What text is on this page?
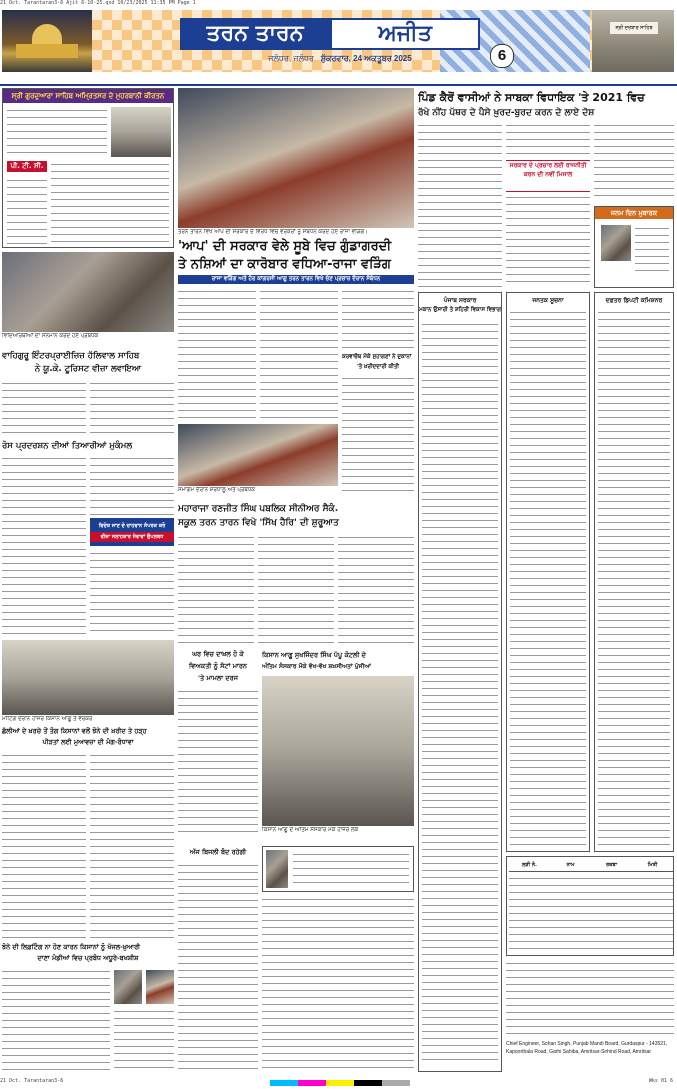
21 Oct. Tarantaran3-6 Ajit 6-10-25.qxd 10/23/2025 11:35 PM Page 1
ਤਰਨ ਤਾਰਨ	ਅਜੀਤ
6
ਜਲੰਧਰ, ਜਲੰਧਰ ਸ਼ੁੱਕਰਵਾਰ, 24 ਅਕਤੂਬਰ 2025
ਸ੍ਰੀ ਦਰਬਾਰ ਸਾਹਿਬ
ਸ੍ਰੀ ਗੁਰਦੁਆਰਾ ਸਾਹਿਬ ਅਮ੍ਰਿਤਸਰ ਦੇ ਮੁਹਰਬਾਨੀ ਕੀਰਤਨ
ਪੀ. ਟੀ. ਸੀ.
ਤਰਨ ਤਾਰਨ ਵਿਖੇ ਆਪ ਦੀ ਸਰਕਾਰ ਦੇ ਵਿਰੋਧ ਵਿਚ ਵਰਕਰਾਂ ਨੂੰ ਸੰਬੋਧਨ ਕਰਦੇ ਹੋਏ ਰਾਜਾ ਵੜਿੰਗ।
'ਆਪ' ਦੀ ਸਰਕਾਰ ਵੇਲੇ ਸੂਬੇ ਵਿਚ ਗੁੰਡਾਗਰਦੀ
ਤੇ ਨਸ਼ਿਆਂ ਦਾ ਕਾਰੋਬਾਰ ਵਧਿਆ-ਰਾਜਾ ਵੜਿੰਗ
ਰਾਜਾ ਵੜਿੰਗ ਅਤੇ ਹੋਰ ਕਾਂਗਰਸੀ ਆਗੂ ਤਰਨ ਤਾਰਨ ਵਿਖੇ ਚੋਣ ਪ੍ਰਚਾਰ ਦੌਰਾਨ ਸੰਬੋਧਨ
ਪਿੰਡ ਕੈਰੋਂ ਵਾਸੀਆਂ ਨੇ ਸਾਬਕਾ ਵਿਧਾਇਕ 'ਤੇ 2021 ਵਿਚ
ਰੱਖੇ ਨੀਂਹ ਪੱਥਰ ਦੇ ਪੈਸੇ ਖ਼ੁਰਦ-ਬੁਰਦ ਕਰਨ ਦੇ ਲਾਏ ਦੋਸ਼
ਸਰਕਾਰ ਦੇ ਪ੍ਰਚਾਰ ਲਈ ਰਾਜਨੀਤੀ ਕਰਨ ਦੀ ਨਵੀਂ ਮਿਸਾਲ
ਜਨਮ ਦਿਨ ਮੁਬਾਰਕ
ਵਿਦਿਆਰਥੀਆਂ ਦਾ ਸਨਮਾਨ ਕਰਦੇ ਹੋਏ ਪ੍ਰਬੰਧਕ
ਵਾਹਿਗੁਰੂ ਇੰਟਰਪ੍ਰਾਈਜ਼ਿਜ਼ ਹੱਲਿਵਾਲ ਸਾਹਿਬ
ਨੇ ਯੂ.ਕੇ. ਟੂਰਿਸਟ ਵੀਜ਼ਾ ਲਵਾਇਆ
ਰੋਸ ਪ੍ਰਦਰਸ਼ਨ ਦੀਆਂ ਤਿਆਰੀਆਂ ਮੁਕੰਮਲ
ਵਿਦੇਸ਼ ਜਾਣ ਦੇ ਚਾਹਵਾਨ ਸੰਪਰਕ ਕਰੋ
ਵੀਜ਼ਾ ਸਲਾਹਕਾਰ ਸੇਵਾਵਾਂ ਉਪਲਬਧ
ਮੀਟਿੰਗ ਦੌਰਾਨ ਹਾਜ਼ਰ ਕਿਸਾਨ ਆਗੂ ਤੇ ਵਰਕਰ
ਛੱਲੀਆਂ ਦੇ ਖ਼ਰਚੇ ਤੋਂ ਤੰਗ ਕਿਸਾਨਾਂ ਵਲੋਂ ਝੋਨੇ ਦੀ ਖ਼ਰੀਦ ਤੇ ਹੜ੍ਹ
ਪੀੜਤਾਂ ਲਈ ਮੁਆਵਜ਼ਾ ਦੀ ਮੰਗ-ਰੰਧਾਵਾ
ਝੋਨੇ ਦੀ ਲਿਫ਼ਟਿੰਗ ਨਾ ਹੋਣ ਕਾਰਨ ਕਿਸਾਨਾਂ ਨੂੰ ਖੱਜਲ-ਖ਼ੁਆਰੀ
ਦਾਣਾ ਮੰਡੀਆਂ ਵਿਚ ਪ੍ਰਬੰਧ ਅਧੂਰੇ-ਬਖਸ਼ੀਸ਼
ਕਰਵਾਚੌਥ ਮੌਕੇ ਸੁਹਾਗਣਾਂ ਨੇ ਦੁਕਾਨਾਂ
'ਤੇ ਖ਼ਰੀਦਦਾਰੀ ਕੀਤੀ
ਸਮਾਗਮ ਦੌਰਾਨ ਸ਼ਰਧਾਲੂ ਅਤੇ ਪ੍ਰਬੰਧਕ
ਮਹਾਰਾਜਾ ਰਣਜੀਤ ਸਿੰਘ ਪਬਲਿਕ ਸੀਨੀਅਰ ਸੈਕੰ.
ਸਕੂਲ ਤਰਨ ਤਾਰਨ ਵਿਖੇ 'ਸਿੱਖ ਹੈਰਿ' ਦੀ ਸ਼ੁਰੂਆਤ
ਘਰ ਵਿਚ ਦਾਖ਼ਲ ਹੋ ਕੇ
ਵਿਅਕਤੀ ਨੂੰ ਸੱਟਾਂ ਮਾਰਨ
'ਤੇ ਮਾਮਲਾ ਦਰਜ
ਕਿਸਾਨ ਆਗੂ ਸੁਖਜਿੰਦਰ ਸਿੰਘ ਪੱਪੂ ਕੋਟਲੀ ਦੇ
ਅੰਤਿਮ ਸੰਸਕਾਰ ਮੌਕੇ ਵੱਖ-ਵੱਖ ਸ਼ਖ਼ਸੀਅਤਾਂ ਪੁੱਜੀਆਂ
ਕਿਸਾਨ ਆਗੂ ਦੇ ਅੰਤਿਮ ਸੰਸਕਾਰ ਮੌਕੇ ਹਾਜ਼ਰ ਲੋਕ
ਅੱਜ ਬਿਜਲੀ ਬੰਦ ਰਹੇਗੀ
ਪੰਜਾਬ ਸਰਕਾਰ
ਮਕਾਨ ਉਸਾਰੀ ਤੇ ਸ਼ਹਿਰੀ ਵਿਕਾਸ ਵਿਭਾਗ
ਜਨਤਕ ਸੂਚਨਾ	ਦਫ਼ਤਰ ਡਿਪਟੀ ਕਮਿਸ਼ਨਰ
ਲੜੀ ਨੰ.	ਨਾਮ	ਰਕਬਾ	ਮਿਤੀ
Chief Engineer, Sohan Singh, Punjab Mandi Board, Gurdaspur - 143521, Kapoorthala Road, Garhi Sahiba, Amritsar-Sirhind Road, Amritsar
21 Oct. Tarantaran3-6	Wks 01 6
